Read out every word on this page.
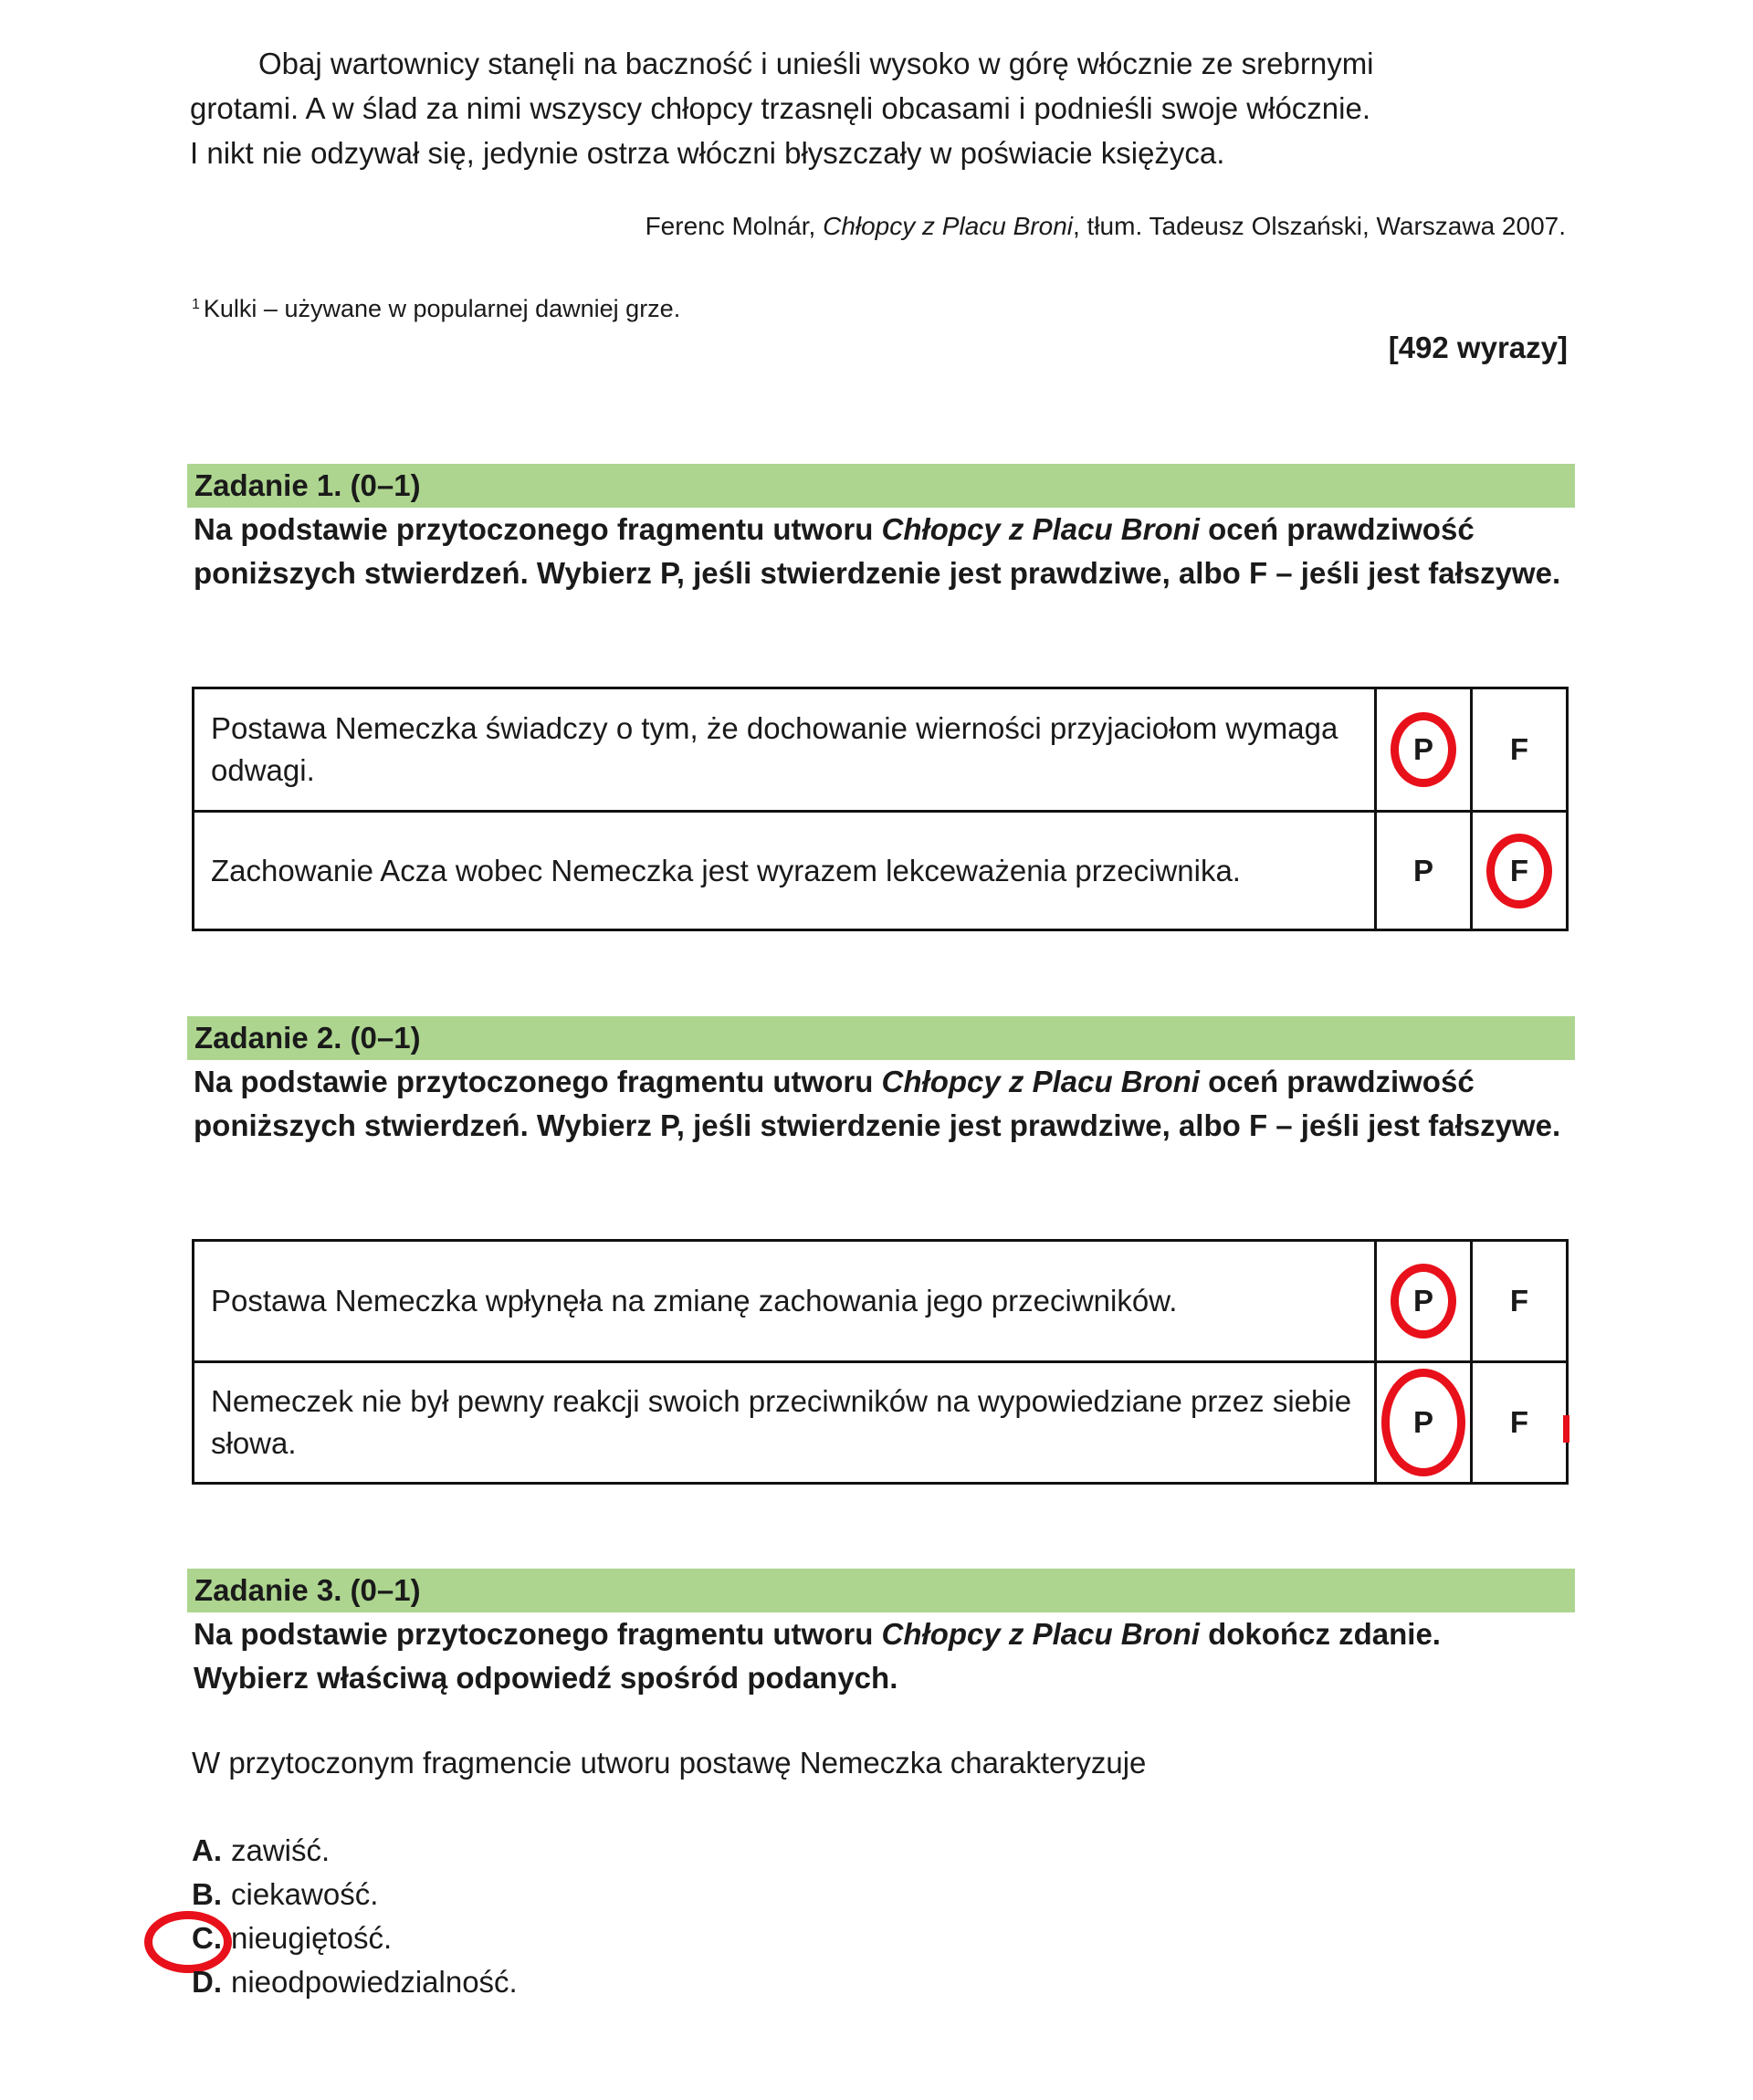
Obaj wartownicy stanęli na baczność i unieśli wysoko w górę włócznie ze srebrnymi

grotami. A w ślad za nimi wszyscy chłopcy trzasnęli obcasami i podnieśli swoje włócznie.

I nikt nie odzywał się, jedynie ostrza włóczni błyszczały w poświacie księżyca.

Ferenc Molnár, Chłopcy z Placu Broni, tłum. Tadeusz Olszański, Warszawa 2007.
$^1$ Kulki – używane w popularnej dawniej grze.
[492 wyrazy]
Zadanie 1. (0–1)
Na podstawie przytoczonego fragmentu utworu Chłopcy z Placu Broni oceń prawdziwość poniższych stwierdzeń. Wybierz P, jeśli stwierdzenie jest prawdziwe, albo F – jeśli jest fałszywe.
Postawa Nemeczka świadczy o tym, że dochowanie wierności przyjaciołom wymaga odwagi.	P	F
Zachowanie Acza wobec Nemeczka jest wyrazem lekceważenia przeciwnika.	P	F
Zadanie 2. (0–1)
Na podstawie przytoczonego fragmentu utworu Chłopcy z Placu Broni oceń prawdziwość poniższych stwierdzeń. Wybierz P, jeśli stwierdzenie jest prawdziwe, albo F – jeśli jest fałszywe.
Postawa Nemeczka wpłynęła na zmianę zachowania jego przeciwników.	P	F
Nemeczek nie był pewny reakcji swoich przeciwników na wypowiedziane przez siebie słowa.	P	F
Zadanie 3. (0–1)
Na podstawie przytoczonego fragmentu utworu Chłopcy z Placu Broni dokończ zdanie. Wybierz właściwą odpowiedź spośród podanych.
W przytoczonym fragmencie utworu postawę Nemeczka charakteryzuje
A. zawiść.
B. ciekawość.
C. nieugiętość.
D. nieodpowiedzialność.
